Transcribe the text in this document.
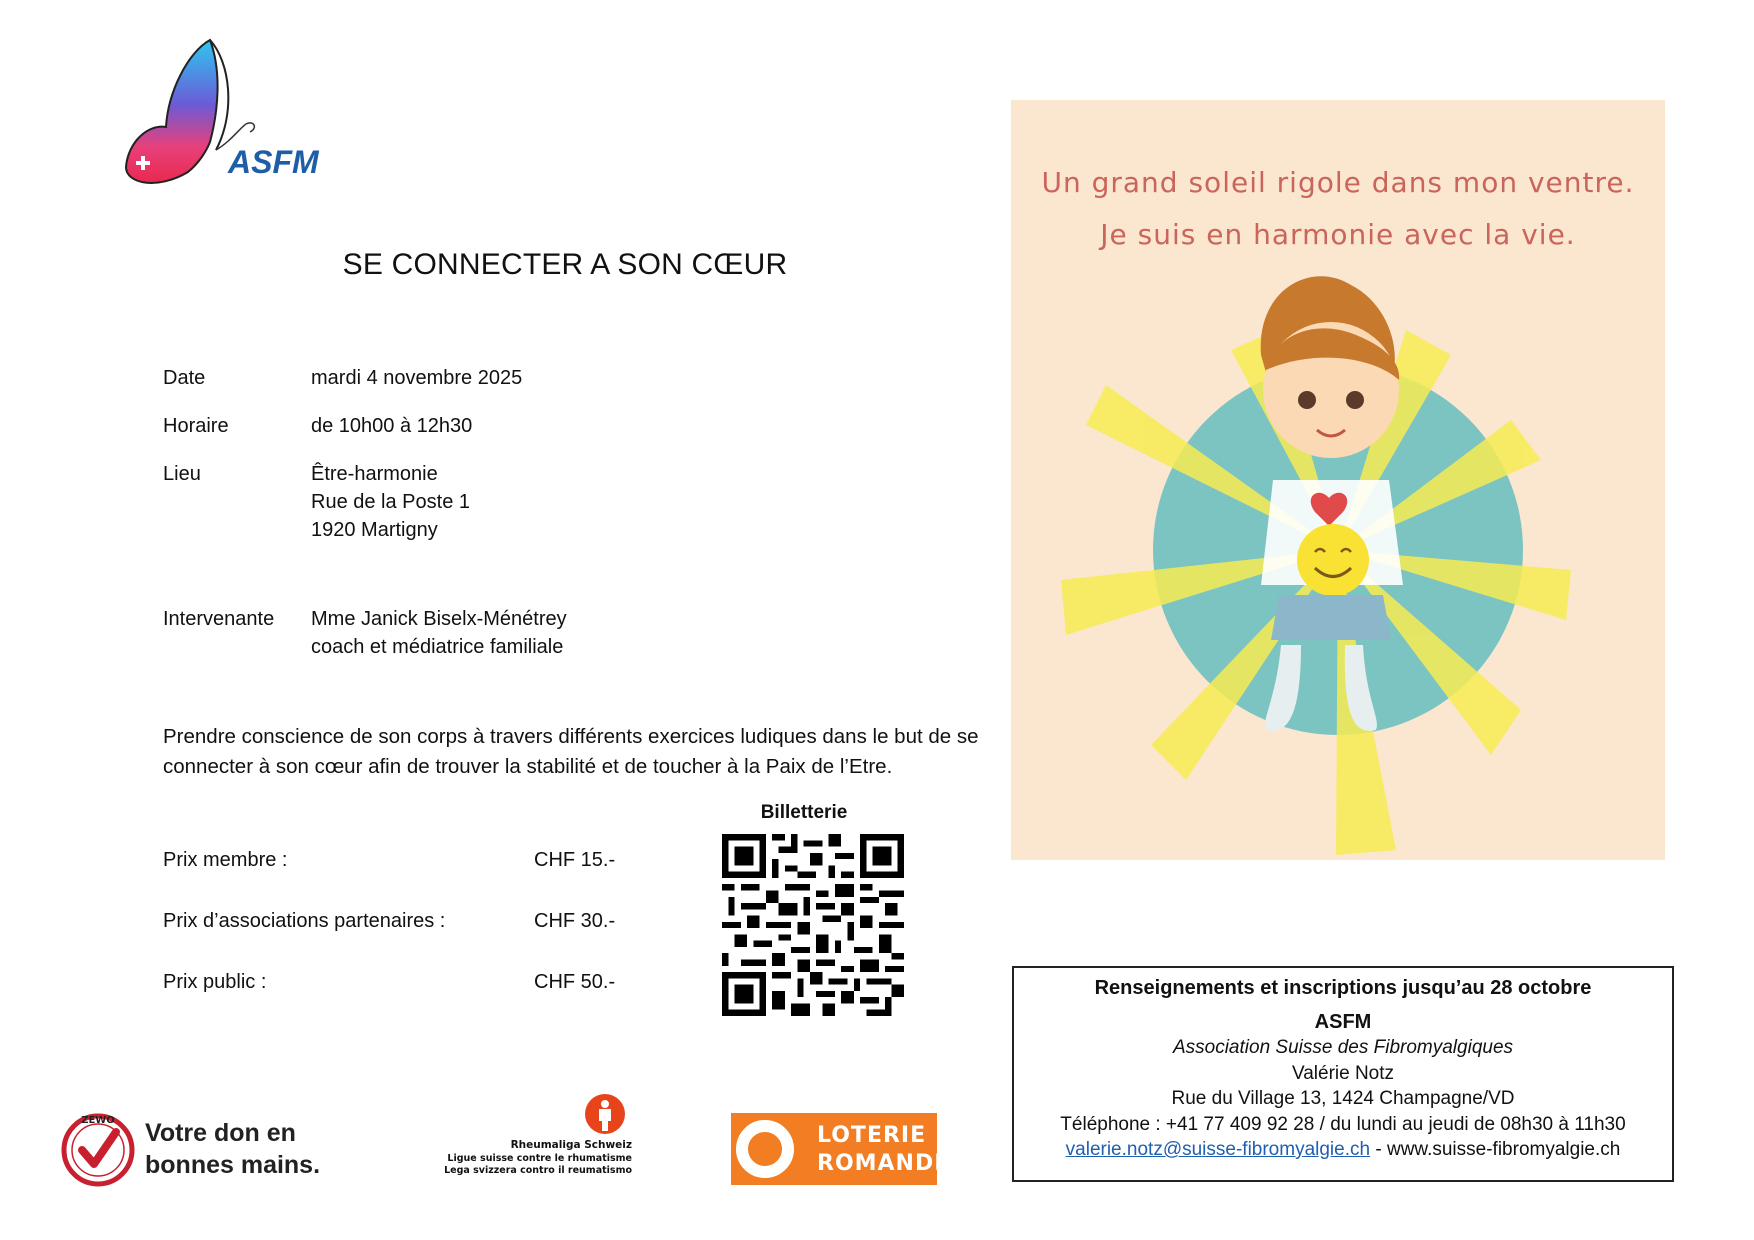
ASFM
SE CONNECTER A SON CŒUR
Date	mardi 4 novembre 2025
Horaire	de 10h00 à 12h30
Lieu	Être-harmonie
Rue de la Poste 1
1920 Martigny
Intervenante	Mme Janick Biselx-Ménétrey
coach et médiatrice familiale
Prendre conscience de son corps à travers différents exercices ludiques dans le but de se connecter à son cœur afin de trouver la stabilité et de toucher à la Paix de l’Etre.
Prix membre :	CHF 15.-
Prix d’associations partenaires :	CHF 30.-
Prix public :	CHF 50.-
Billetterie
Un grand soleil rigole dans mon ventre.
Je suis en harmonie avec la vie.
Renseignements et inscriptions jusqu’au 28 octobre
ASFM
Association Suisse des Fibromyalgiques
Valérie Notz
Rue du Village 13, 1424 Champagne/VD
Téléphone : +41 77 409 92 28 / du lundi au jeudi de 08h30 à 11h30
valerie.notz@suisse-fibromyalgie.ch - www.suisse-fibromyalgie.ch
ZEWO Votre don en
bonnes mains.
Rheumaliga Schweiz
Ligue suisse contre le rhumatisme
Lega svizzera contro il reumatismo
LOTERIE
ROMANDE
